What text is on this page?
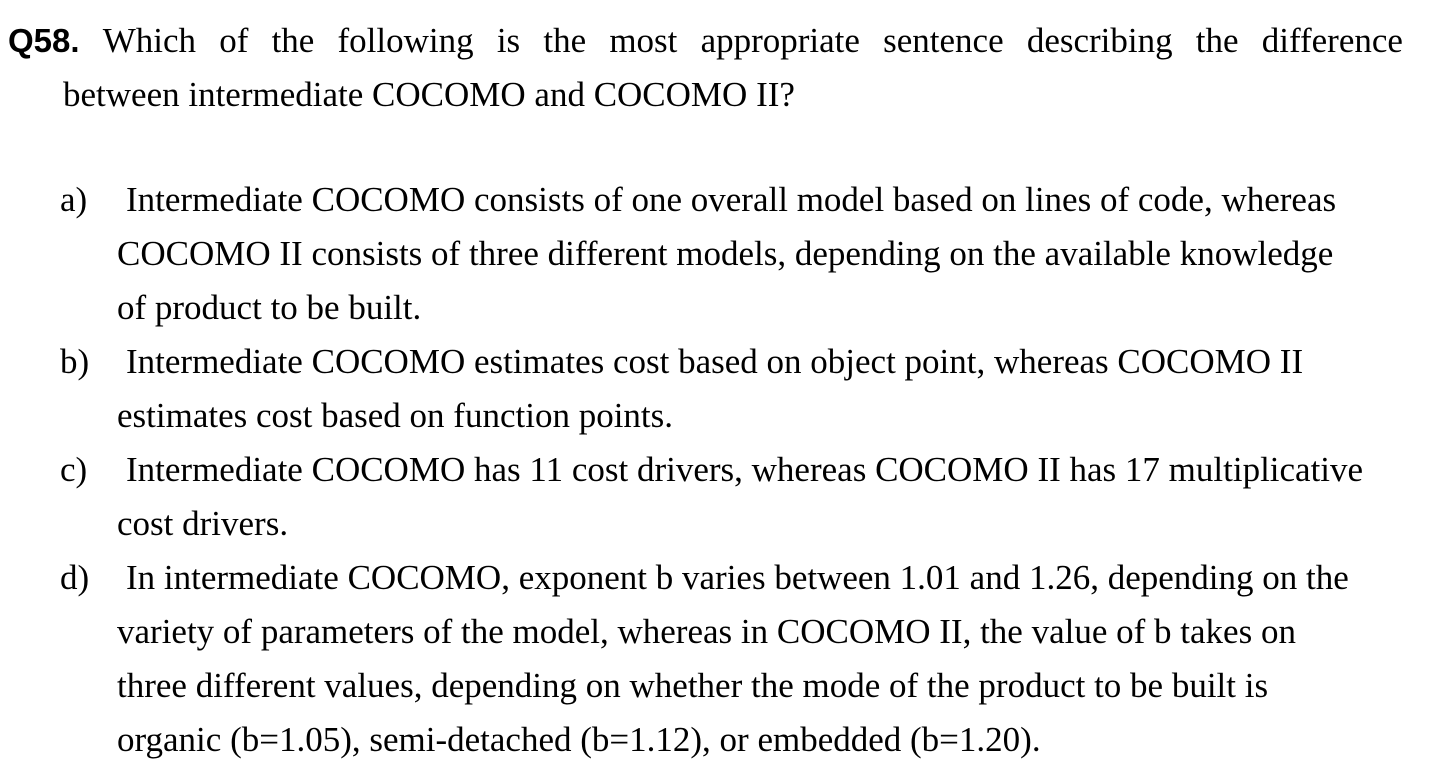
Q58. Which of the following is the most appropriate sentence describing the difference
between intermediate COCOMO and COCOMO II?
a) Intermediate COCOMO consists of one overall model based on lines of code, whereas
COCOMO II consists of three different models, depending on the available knowledge
of product to be built.
b) Intermediate COCOMO estimates cost based on object point, whereas COCOMO II
estimates cost based on function points.
c) Intermediate COCOMO has 11 cost drivers, whereas COCOMO II has 17 multiplicative
cost drivers.
d) In intermediate COCOMO, exponent b varies between 1.01 and 1.26, depending on the
variety of parameters of the model, whereas in COCOMO II, the value of b takes on
three different values, depending on whether the mode of the product to be built is
organic (b=1.05), semi-detached (b=1.12), or embedded (b=1.20).
